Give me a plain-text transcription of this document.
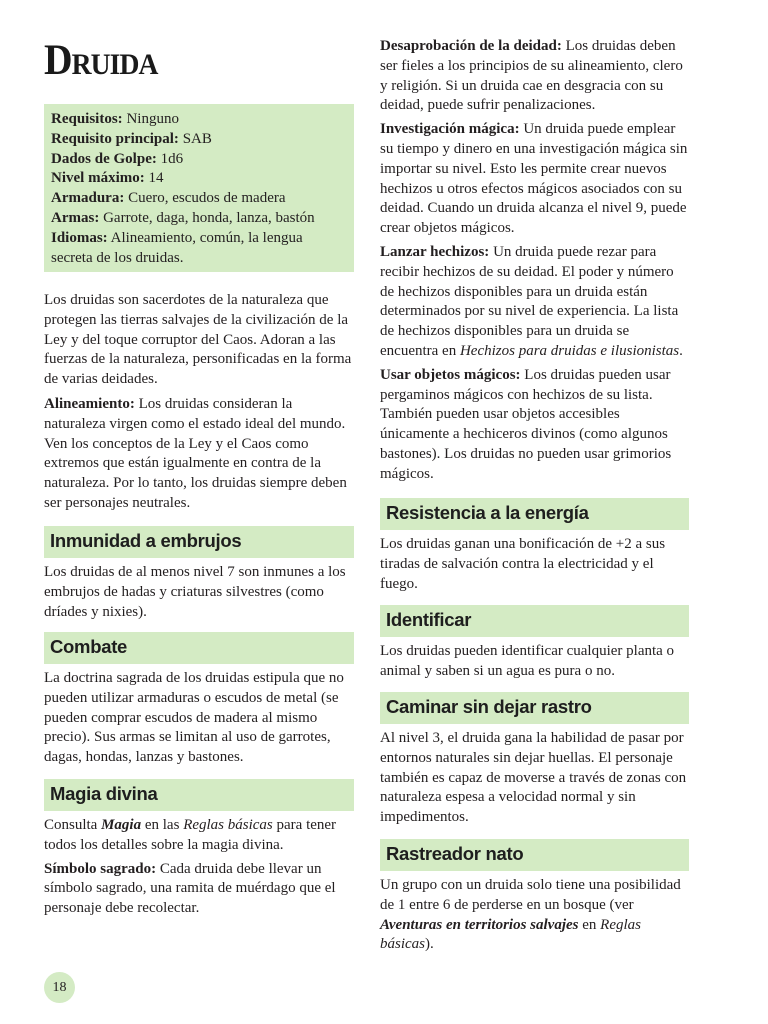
Druida
Requisitos: Ninguno
Requisito principal: SAB
Dados de Golpe: 1d6
Nivel máximo: 14
Armadura: Cuero, escudos de madera
Armas: Garrote, daga, honda, lanza, bastón
Idiomas: Alineamiento, común, la lengua secreta de los druidas.

Los druidas son sacerdotes de la naturaleza que protegen las tierras salvajes de la civilización de la Ley y del toque corruptor del Caos. Adoran a las fuerzas de la naturaleza, personificadas en la forma de varias deidades.

Alineamiento: Los druidas consideran la naturaleza virgen como el estado ideal del mundo. Ven los conceptos de la Ley y el Caos como extremos que están igualmente en contra de la naturaleza. Por lo tanto, los druidas siempre deben ser personajes neutrales.

Inmunidad a embrujos

Los druidas de al menos nivel 7 son inmunes a los embrujos de hadas y criaturas silvestres (como dríades y nixies).

Combate

La doctrina sagrada de los druidas estipula que no pueden utilizar armaduras o escudos de metal (se pueden comprar escudos de madera al mismo precio). Sus armas se limitan al uso de garrotes, dagas, hondas, lanzas y bastones.

Magia divina

Consulta Magia en las Reglas básicas para tener todos los detalles sobre la magia divina.

Símbolo sagrado: Cada druida debe llevar un símbolo sagrado, una ramita de muérdago que el personaje debe recolectar.

Desaprobación de la deidad: Los druidas deben ser fieles a los principios de su alineamiento, clero y religión. Si un druida cae en desgracia con su deidad, puede sufrir penalizaciones.

Investigación mágica: Un druida puede emplear su tiempo y dinero en una investigación mágica sin importar su nivel. Esto les permite crear nuevos hechizos u otros efectos mágicos asociados con su deidad. Cuando un druida alcanza el nivel 9, puede crear objetos mágicos.

Lanzar hechizos: Un druida puede rezar para recibir hechizos de su deidad. El poder y número de hechizos disponibles para un druida están determinados por su nivel de experiencia. La lista de hechizos disponibles para un druida se encuentra en Hechizos para druidas e ilusionistas.

Usar objetos mágicos: Los druidas pueden usar pergaminos mágicos con hechizos de su lista. También pueden usar objetos accesibles únicamente a hechiceros divinos (como algunos bastones). Los druidas no pueden usar grimorios mágicos.

Resistencia a la energía

Los druidas ganan una bonificación de +2 a sus tiradas de salvación contra la electricidad y el fuego.

Identificar

Los druidas pueden identificar cualquier planta o animal y saben si un agua es pura o no.

Caminar sin dejar rastro

Al nivel 3, el druida gana la habilidad de pasar por entornos naturales sin dejar huellas. El personaje también es capaz de moverse a través de zonas con naturaleza espesa a velocidad normal y sin impedimentos.

Rastreador nato

Un grupo con un druida solo tiene una posibilidad de 1 entre 6 de perderse en un bosque (ver Aventuras en territorios salvajes en Reglas básicas).

18
